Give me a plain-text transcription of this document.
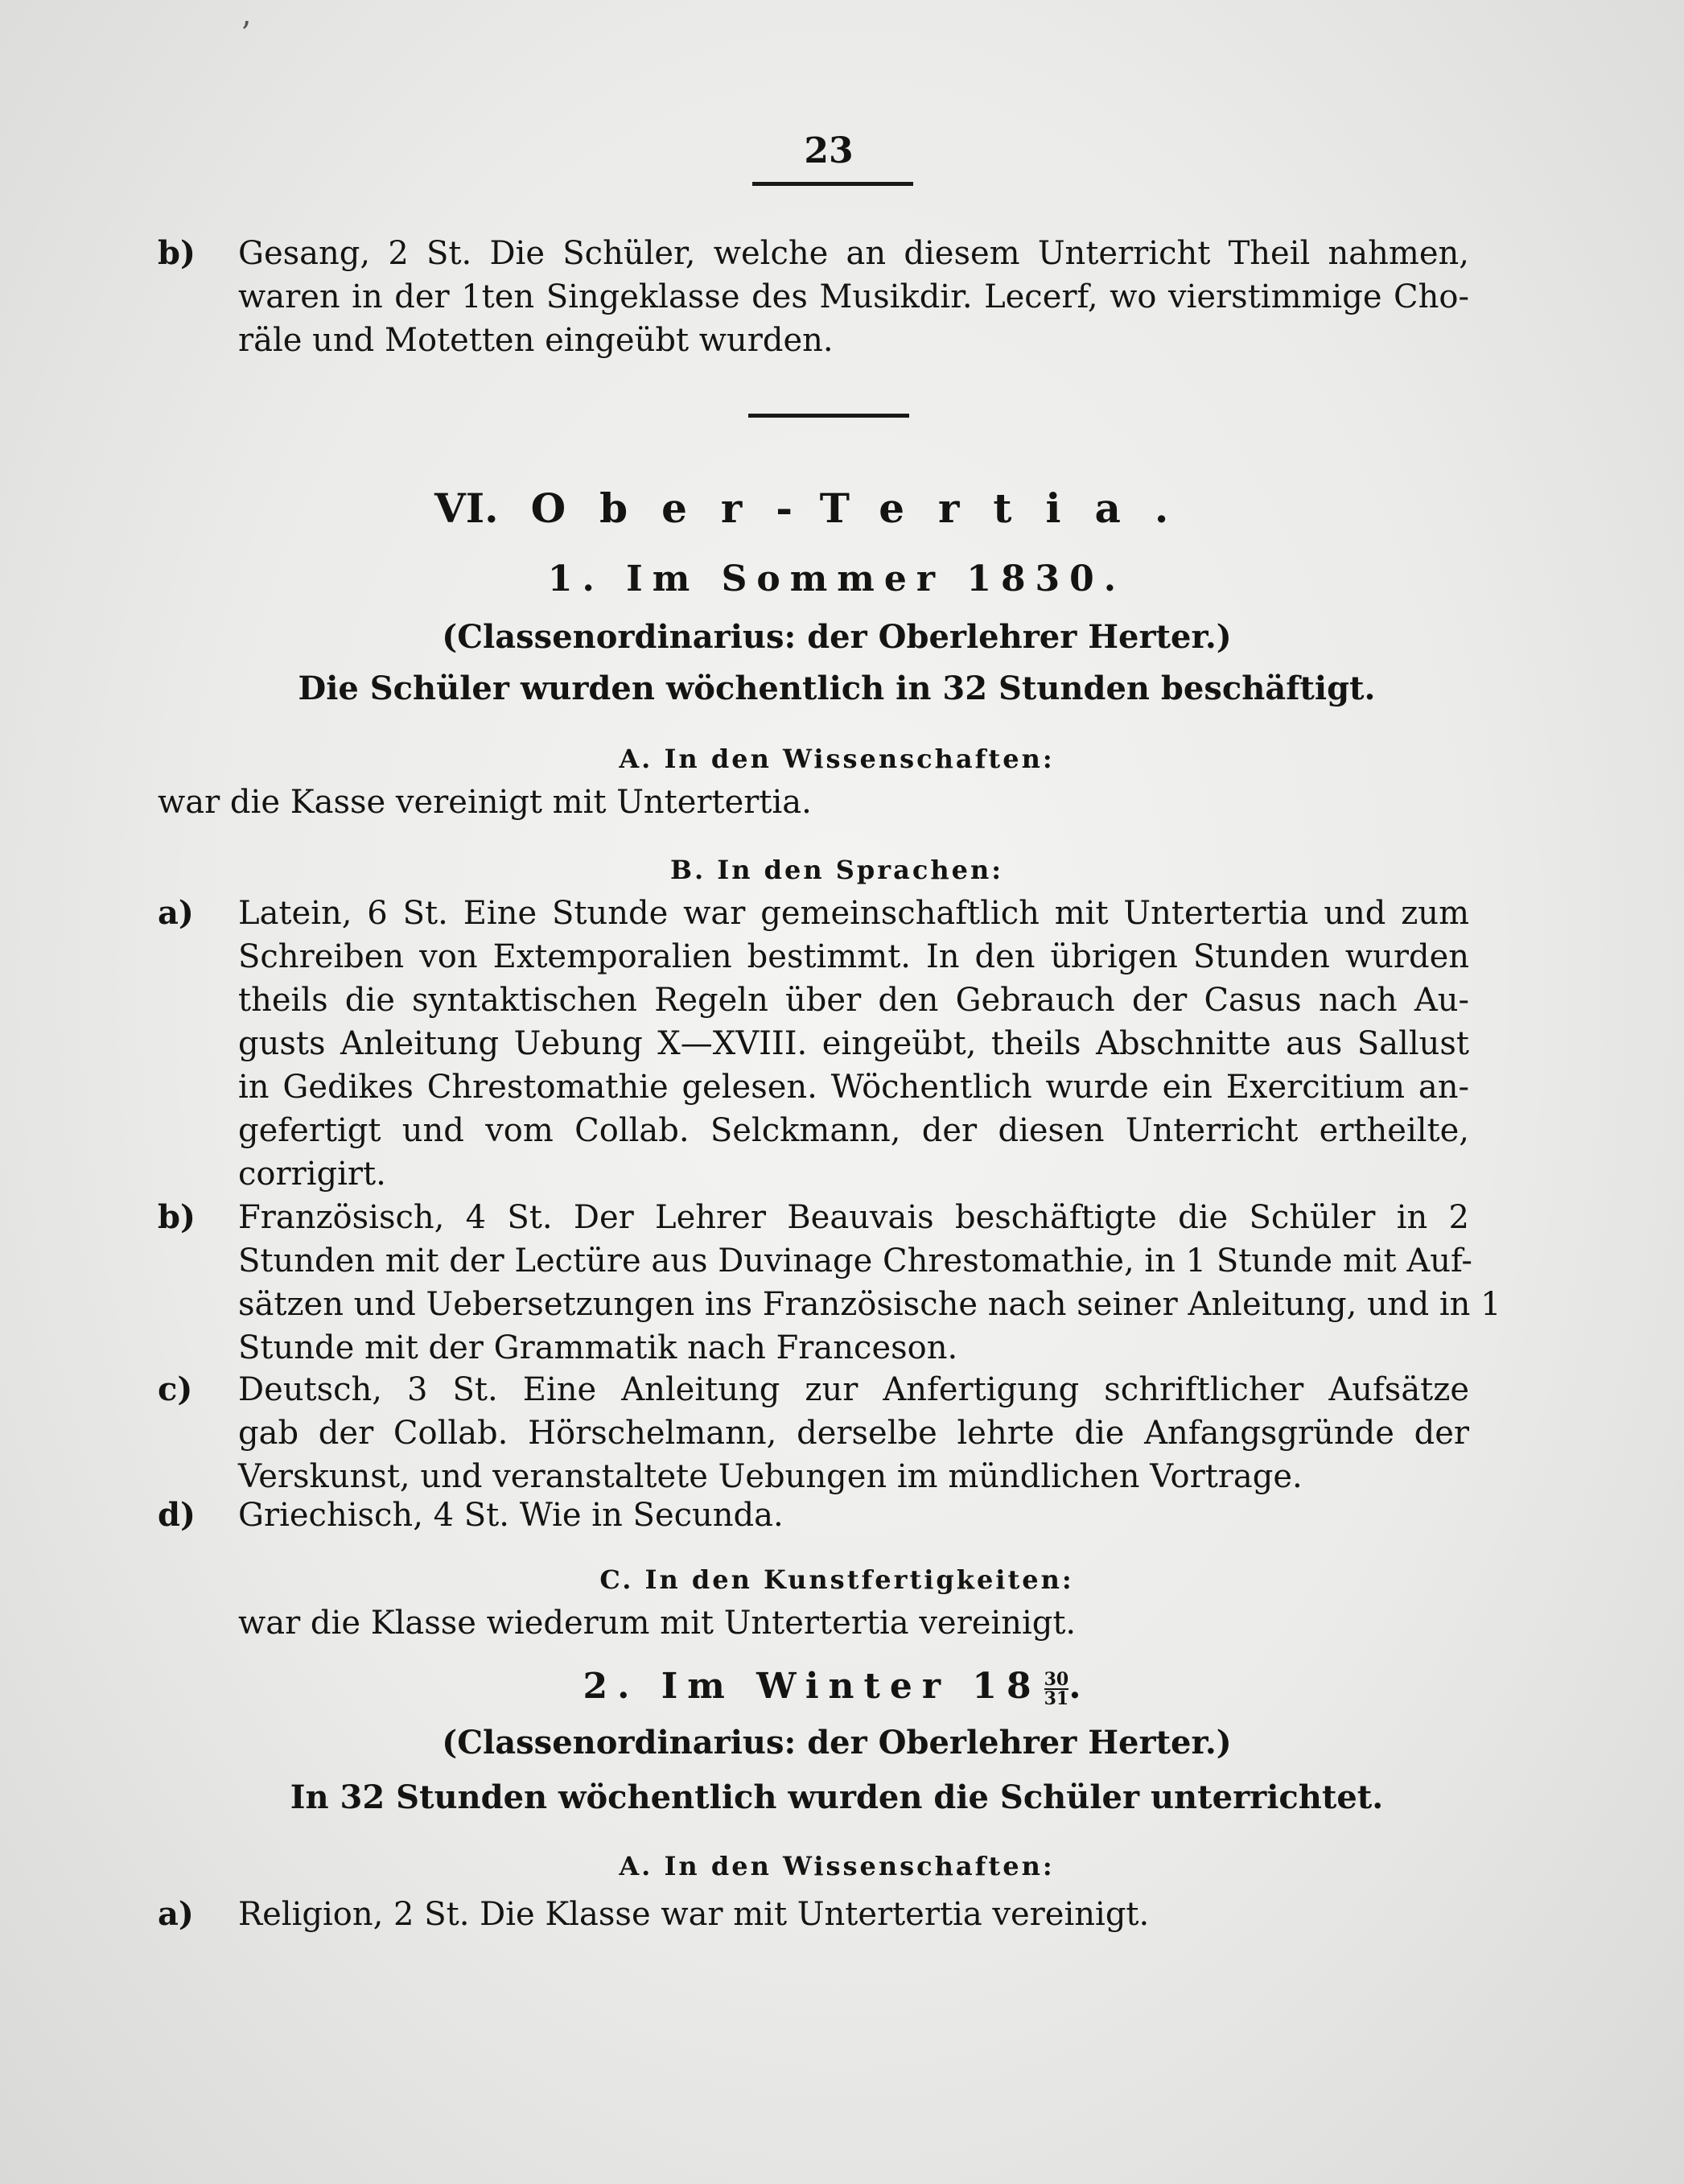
ʼ
23
b) Gesang, 2 St. Die Schüler, welche an diesem Unterricht Theil nahmen,
waren in der 1ten Singeklasse des Musikdir. Lecerf, wo vierstimmige Cho-
räle und Motetten eingeübt wurden.
VI. Ober-Tertia.
1. Im Sommer 1830.
(Classenordinarius: der Oberlehrer Herter.)
Die Schüler wurden wöchentlich in 32 Stunden beschäftigt.
A. In den Wissenschaften:
war die Kasse vereinigt mit Untertertia.
B. In den Sprachen:
a) Latein, 6 St. Eine Stunde war gemeinschaftlich mit Untertertia und zum
Schreiben von Extemporalien bestimmt. In den übrigen Stunden wurden
theils die syntaktischen Regeln über den Gebrauch der Casus nach Au-
gusts Anleitung Uebung X—XVIII. eingeübt, theils Abschnitte aus Sallust
in Gedikes Chrestomathie gelesen. Wöchentlich wurde ein Exercitium an-
gefertigt und vom Collab. Selckmann, der diesen Unterricht ertheilte,
corrigirt.
b) Französisch, 4 St. Der Lehrer Beauvais beschäftigte die Schüler in 2
Stunden mit der Lectüre aus Duvinage Chrestomathie, in 1 Stunde mit Auf-
sätzen und Uebersetzungen ins Französische nach seiner Anleitung, und in 1
Stunde mit der Grammatik nach Franceson.
c) Deutsch, 3 St. Eine Anleitung zur Anfertigung schriftlicher Aufsätze
gab der Collab. Hörschelmann, derselbe lehrte die Anfangsgründe der
Verskunst, und veranstaltete Uebungen im mündlichen Vortrage.
d) Griechisch, 4 St. Wie in Secunda.
C. In den Kunstfertigkeiten:
war die Klasse wiederum mit Untertertia vereinigt.
2. Im Winter $18 \frac{30}{31}$ .
(Classenordinarius: der Oberlehrer Herter.)
In 32 Stunden wöchentlich wurden die Schüler unterrichtet.
A. In den Wissenschaften:
a) Religion, 2 St. Die Klasse war mit Untertertia vereinigt.
